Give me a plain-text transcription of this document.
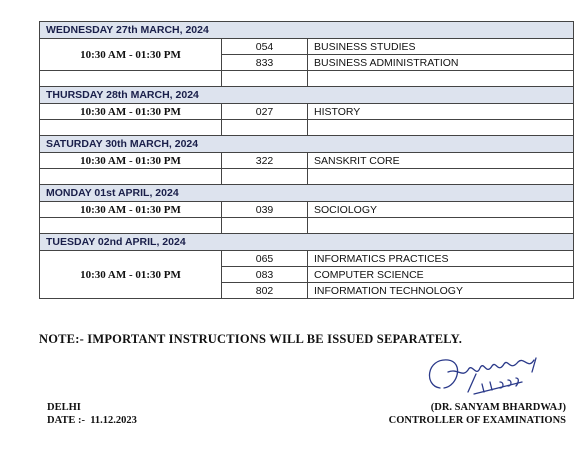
WEDNESDAY 27th MARCH, 2024		
10:30 AM - 01:30 PM	054	BUSINESS STUDIES
	833	BUSINESS ADMINISTRATION

THURSDAY 28th MARCH, 2024		
10:30 AM - 01:30 PM	027	HISTORY

SATURDAY 30th MARCH, 2024		
10:30 AM - 01:30 PM	322	SANSKRIT CORE

MONDAY 01st APRIL, 2024		
10:30 AM - 01:30 PM	039	SOCIOLOGY

TUESDAY 02nd APRIL, 2024		
10:30 AM - 01:30 PM	065	INFORMATICS PRACTICES
	083	COMPUTER SCIENCE
	802	INFORMATION TECHNOLOGY
NOTE:- IMPORTANT INSTRUCTIONS WILL BE ISSUED SEPARATELY.
DELHI
DATE :-  11.12.2023
(DR. SANYAM BHARDWAJ)
CONTROLLER OF EXAMINATIONS
